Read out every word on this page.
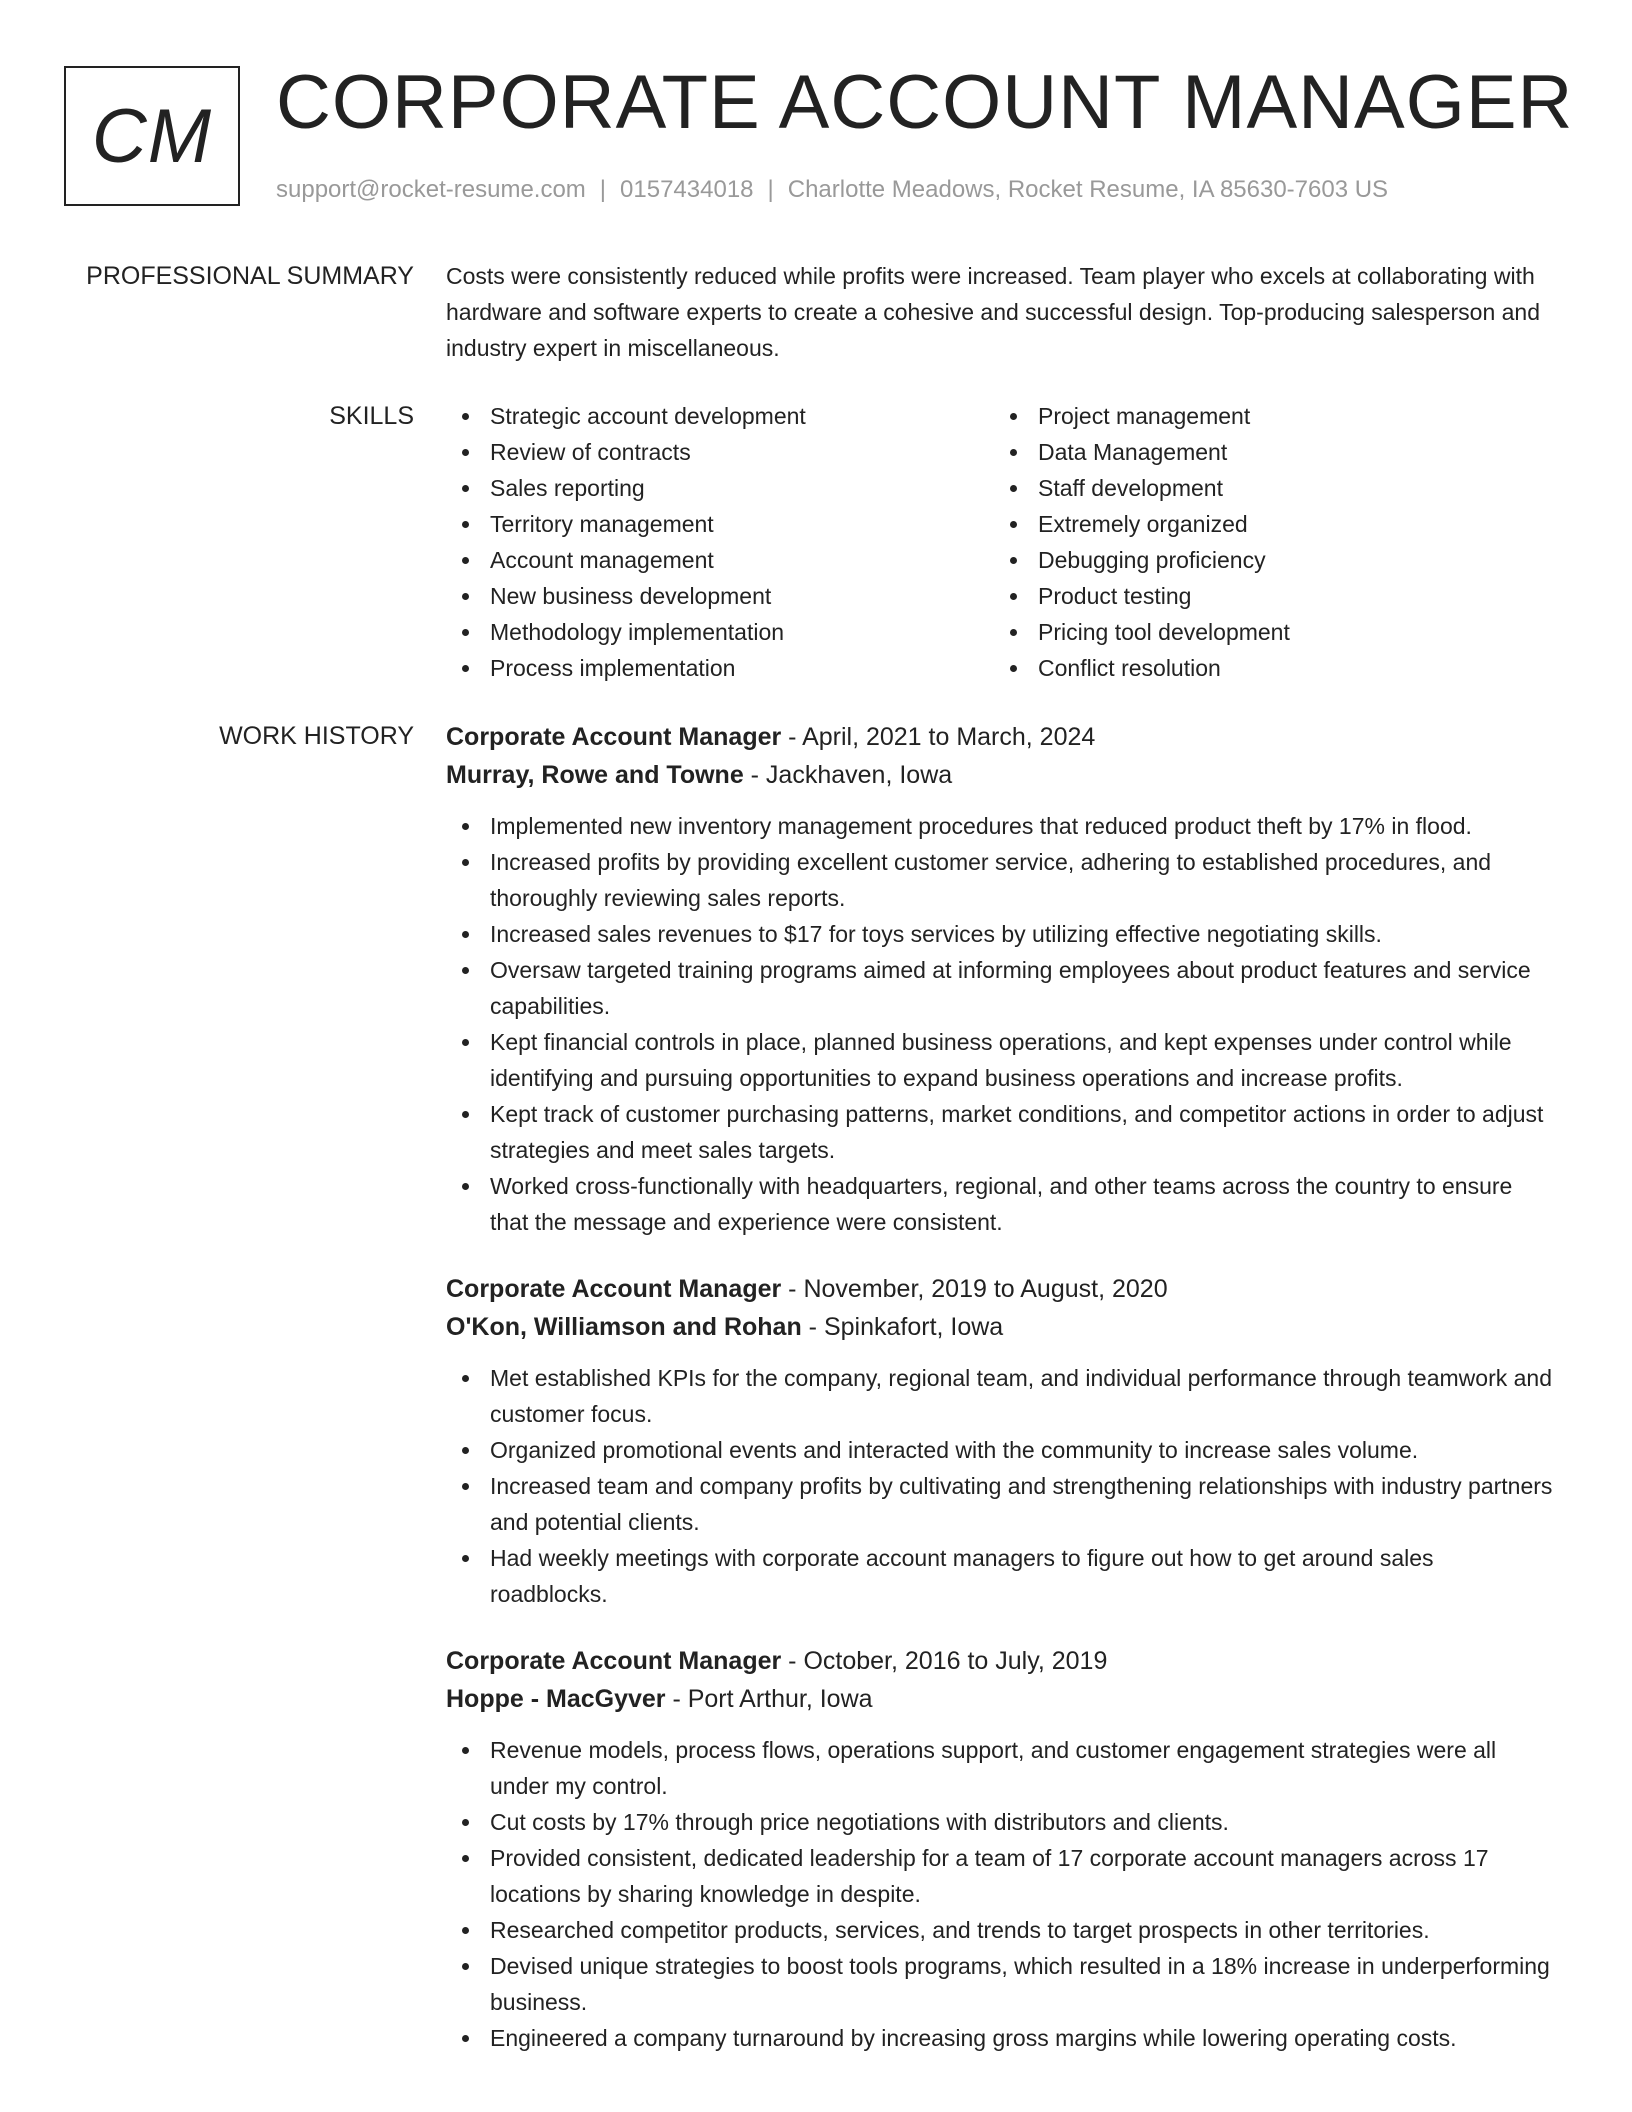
CM CORPORATE ACCOUNT MANAGER
support@rocket-resume.com | 0157434018 | Charlotte Meadows, Rocket Resume, IA 85630-7603 US
PROFESSIONAL SUMMARY Costs were consistently reduced while profits were increased. Team player who excels at collaborating with hardware and software experts to create a cohesive and successful design. Top-producing salesperson and industry expert in miscellaneous.
SKILLS	Strategic account development
Review of contracts
Sales reporting
Territory management
Account management
New business development
Methodology implementation
Process implementation
Project management
Data Management
Staff development
Extremely organized
Debugging proficiency
Product testing
Pricing tool development
Conflict resolution
WORK HISTORY Corporate Account Manager - April, 2021 to March, 2024
Murray, Rowe and Towne - Jackhaven, Iowa
Implemented new inventory management procedures that reduced product theft by 17% in flood.
Increased profits by providing excellent customer service, adhering to established procedures, and thoroughly reviewing sales reports.
Increased sales revenues to $17 for toys services by utilizing effective negotiating skills.
Oversaw targeted training programs aimed at informing employees about product features and service capabilities.
Kept financial controls in place, planned business operations, and kept expenses under control while identifying and pursuing opportunities to expand business operations and increase profits.
Kept track of customer purchasing patterns, market conditions, and competitor actions in order to adjust strategies and meet sales targets.
Worked cross-functionally with headquarters, regional, and other teams across the country to ensure that the message and experience were consistent.
Corporate Account Manager - November, 2019 to August, 2020
O'Kon, Williamson and Rohan - Spinkafort, Iowa
Met established KPIs for the company, regional team, and individual performance through teamwork and customer focus.
Organized promotional events and interacted with the community to increase sales volume.
Increased team and company profits by cultivating and strengthening relationships with industry partners and potential clients.
Had weekly meetings with corporate account managers to figure out how to get around sales roadblocks.
Corporate Account Manager - October, 2016 to July, 2019
Hoppe - MacGyver - Port Arthur, Iowa
Revenue models, process flows, operations support, and customer engagement strategies were all under my control.
Cut costs by 17% through price negotiations with distributors and clients.
Provided consistent, dedicated leadership for a team of 17 corporate account managers across 17 locations by sharing knowledge in despite.
Researched competitor products, services, and trends to target prospects in other territories.
Devised unique strategies to boost tools programs, which resulted in a 18% increase in underperforming business.
Engineered a company turnaround by increasing gross margins while lowering operating costs.
